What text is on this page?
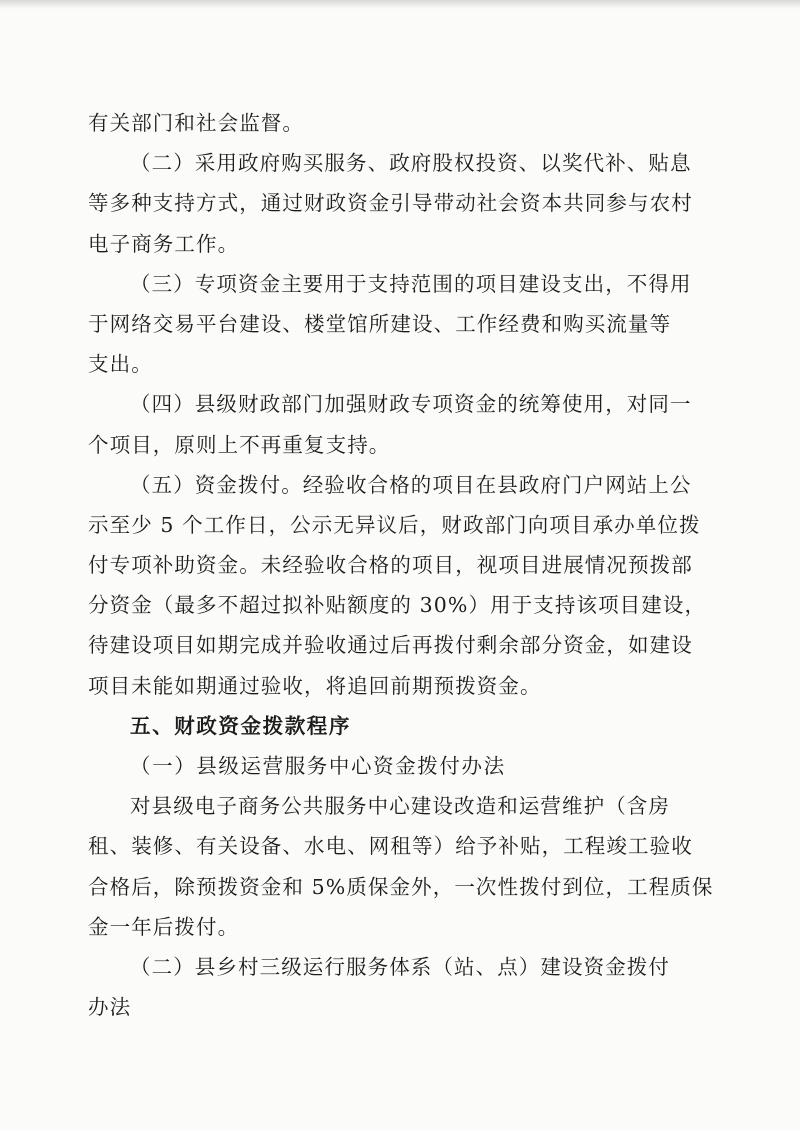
有关部门和社会监督。
（二）采用政府购买服务、政府股权投资、以奖代补、贴息
等多种支持方式，通过财政资金引导带动社会资本共同参与农村
电子商务工作。
（三）专项资金主要用于支持范围的项目建设支出，不得用
于网络交易平台建设、楼堂馆所建设、工作经费和购买流量等
支出。
（四）县级财政部门加强财政专项资金的统筹使用，对同一
个项目，原则上不再重复支持。
（五）资金拨付。经验收合格的项目在县政府门户网站上公
示至少 5 个工作日，公示无异议后，财政部门向项目承办单位拨
付专项补助资金。未经验收合格的项目，视项目进展情况预拨部
分资金（最多不超过拟补贴额度的 30%）用于支持该项目建设，
待建设项目如期完成并验收通过后再拨付剩余部分资金，如建设
项目未能如期通过验收，将追回前期预拨资金。
五、财政资金拨款程序
（一）县级运营服务中心资金拨付办法
对县级电子商务公共服务中心建设改造和运营维护（含房
租、装修、有关设备、水电、网租等）给予补贴，工程竣工验收
合格后，除预拨资金和 5%质保金外，一次性拨付到位，工程质保
金一年后拨付。
（二）县乡村三级运行服务体系（站、点）建设资金拨付
办法
